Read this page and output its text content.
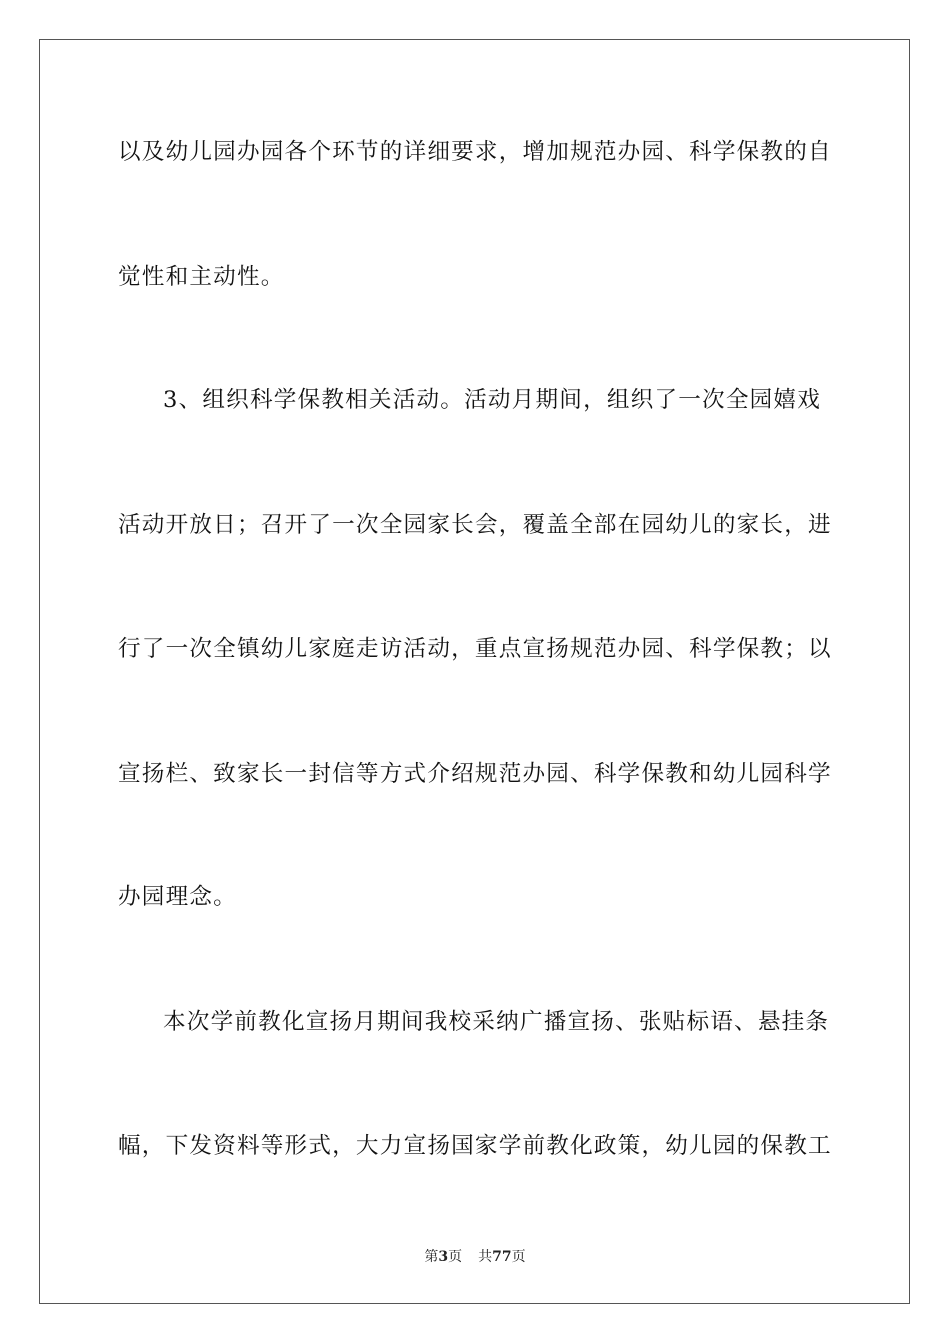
以及幼儿园办园各个环节的详细要求，增加规范办园、科学保教的自
觉性和主动性。
3、组织科学保教相关活动。活动月期间，组织了一次全园嬉戏
活动开放日；召开了一次全园家长会，覆盖全部在园幼儿的家长，进
行了一次全镇幼儿家庭走访活动，重点宣扬规范办园、科学保教；以
宣扬栏、致家长一封信等方式介绍规范办园、科学保教和幼儿园科学
办园理念。
本次学前教化宣扬月期间我校采纳广播宣扬、张贴标语、悬挂条
幅，下发资料等形式，大力宣扬国家学前教化政策，幼儿园的保教工
第3页 共77页
